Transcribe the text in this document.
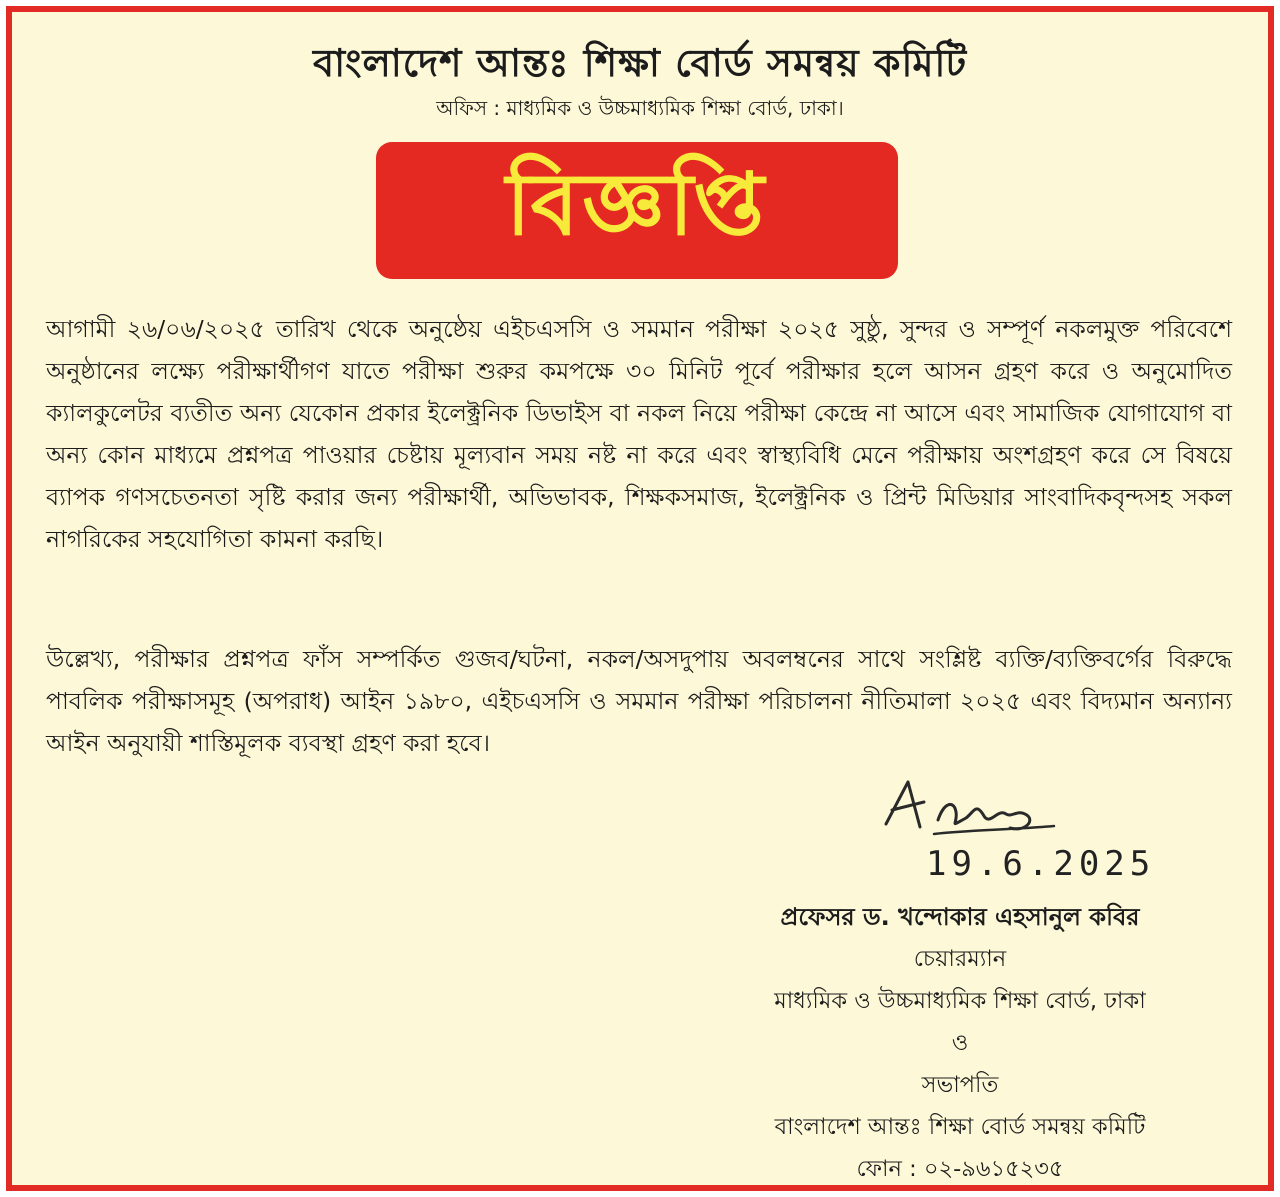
বাংলাদেশ আন্তঃ শিক্ষা বোর্ড সমন্বয় কমিটি
অফিস : মাধ্যমিক ও উচ্চমাধ্যমিক শিক্ষা বোর্ড, ঢাকা।
বিজ্ঞপ্তি

আগামী ২৬/০৬/২০২৫ তারিখ থেকে অনুষ্ঠেয় এইচএসসি ও সমমান পরীক্ষা ২০২৫ সুষ্ঠু, সুন্দর ও সম্পূর্ণ নকলমুক্ত পরিবেশে অনুষ্ঠানের লক্ষ্যে পরীক্ষার্থীগণ যাতে পরীক্ষা শুরুর কমপক্ষে ৩০ মিনিট পূর্বে পরীক্ষার হলে আসন গ্রহণ করে ও অনুমোদিত ক্যালকুলেটর ব্যতীত অন্য যেকোন প্রকার ইলেক্ট্রনিক ডিভাইস বা নকল নিয়ে পরীক্ষা কেন্দ্রে না আসে এবং সামাজিক যোগাযোগ বা অন্য কোন মাধ্যমে প্রশ্নপত্র পাওয়ার চেষ্টায় মূল্যবান সময় নষ্ট না করে এবং স্বাস্থ্যবিধি মেনে পরীক্ষায় অংশগ্রহণ করে সে বিষয়ে ব্যাপক গণসচেতনতা সৃষ্টি করার জন্য পরীক্ষার্থী, অভিভাবক, শিক্ষকসমাজ, ইলেক্ট্রনিক ও প্রিন্ট মিডিয়ার সাংবাদিকবৃন্দসহ সকল নাগরিকের সহযোগিতা কামনা করছি।

উল্লেখ্য, পরীক্ষার প্রশ্নপত্র ফাঁস সম্পর্কিত গুজব/ঘটনা, নকল/অসদুপায় অবলম্বনের সাথে সংশ্লিষ্ট ব্যক্তি/ব্যক্তিবর্গের বিরুদ্ধে পাবলিক পরীক্ষাসমূহ (অপরাধ) আইন ১৯৮০, এইচএসসি ও সমমান পরীক্ষা পরিচালনা নীতিমালা ২০২৫ এবং বিদ্যমান অন্যান্য আইন অনুযায়ী শাস্তিমূলক ব্যবস্থা গ্রহণ করা হবে।

19.6.2025
প্রফেসর ড. খন্দোকার এহসানুল কবির
চেয়ারম্যান
মাধ্যমিক ও উচ্চমাধ্যমিক শিক্ষা বোর্ড, ঢাকা
ও
সভাপতি
বাংলাদেশ আন্তঃ শিক্ষা বোর্ড সমন্বয় কমিটি
ফোন : ০২-৯৬১৫২৩৫
